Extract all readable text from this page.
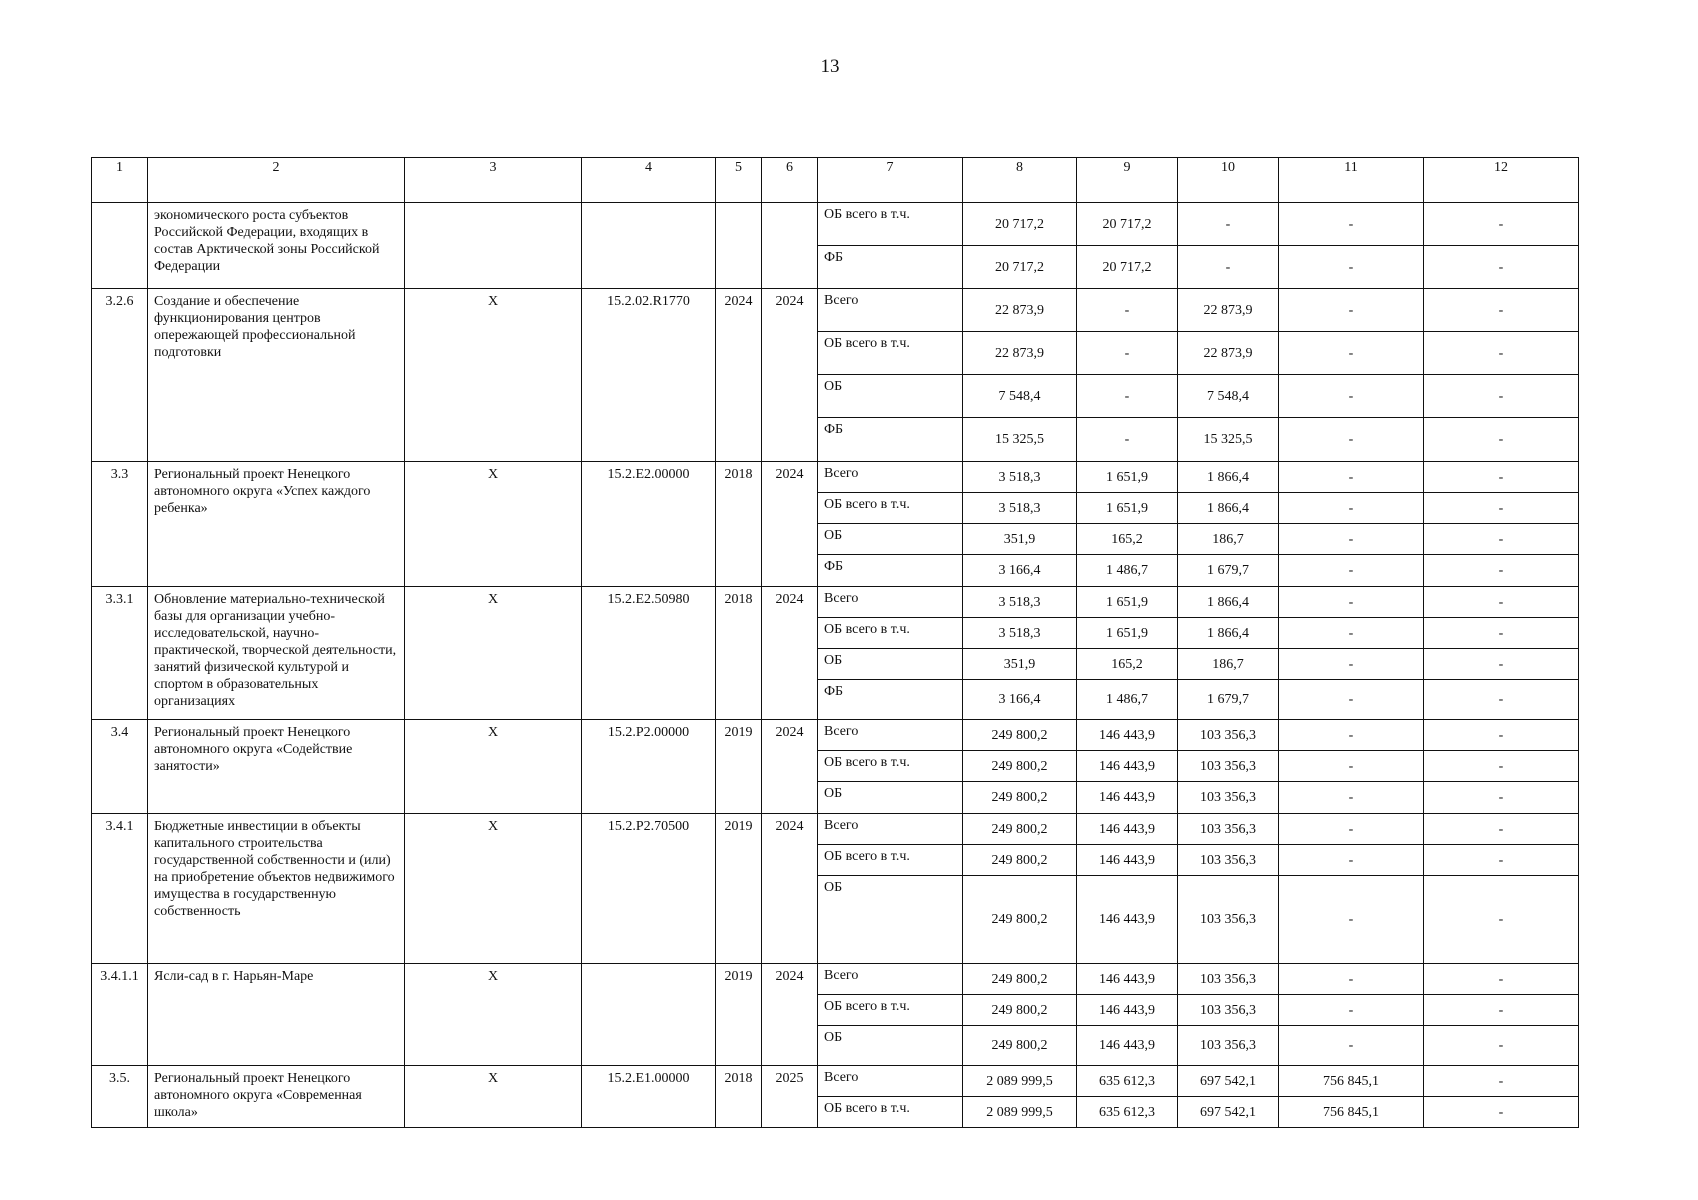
13
1	2	3	4	5	6	7	8	9	10	11	12
	экономического роста субъектов Российской Федерации, входящих в состав Арктической зоны Российской Федерации					ОБ всего в т.ч.	20 717,2	20 717,2	-	-	-
						ФБ	20 717,2	20 717,2	-	-	-
3.2.6	Создание и обеспечение функционирования центров опережающей профессиональной подготовки	X	15.2.02.R1770	2024	2024	Всего	22 873,9	-	22 873,9	-	-
						ОБ всего в т.ч.	22 873,9	-	22 873,9	-	-
						ОБ	7 548,4	-	7 548,4	-	-
						ФБ	15 325,5	-	15 325,5	-	-
3.3	Региональный проект Ненецкого автономного округа «Успех каждого ребенка»	X	15.2.E2.00000	2018	2024	Всего	3 518,3	1 651,9	1 866,4	-	-
						ОБ всего в т.ч.	3 518,3	1 651,9	1 866,4	-	-
						ОБ	351,9	165,2	186,7	-	-
						ФБ	3 166,4	1 486,7	1 679,7	-	-
3.3.1	Обновление материально-технической базы для организации учебно-исследовательской, научно-практической, творческой деятельности, занятий физической культурой и спортом в образовательных организациях	X	15.2.E2.50980	2018	2024	Всего	3 518,3	1 651,9	1 866,4	-	-
						ОБ всего в т.ч.	3 518,3	1 651,9	1 866,4	-	-
						ОБ	351,9	165,2	186,7	-	-
						ФБ	3 166,4	1 486,7	1 679,7	-	-
3.4	Региональный проект Ненецкого автономного округа «Содействие занятости»	X	15.2.P2.00000	2019	2024	Всего	249 800,2	146 443,9	103 356,3	-	-
						ОБ всего в т.ч.	249 800,2	146 443,9	103 356,3	-	-
						ОБ	249 800,2	146 443,9	103 356,3	-	-
3.4.1	Бюджетные инвестиции в объекты капитального строительства государственной собственности и (или) на приобретение объектов недвижимого имущества в государственную собственность	X	15.2.P2.70500	2019	2024	Всего	249 800,2	146 443,9	103 356,3	-	-
						ОБ всего в т.ч.	249 800,2	146 443,9	103 356,3	-	-
						ОБ	249 800,2	146 443,9	103 356,3	-	-
3.4.1.1	Ясли-сад в г. Нарьян-Маре	X		2019	2024	Всего	249 800,2	146 443,9	103 356,3	-	-
						ОБ всего в т.ч.	249 800,2	146 443,9	103 356,3	-	-
						ОБ	249 800,2	146 443,9	103 356,3	-	-
3.5.	Региональный проект Ненецкого автономного округа «Современная школа»	X	15.2.E1.00000	2018	2025	Всего	2 089 999,5	635 612,3	697 542,1	756 845,1	-
						ОБ всего в т.ч.	2 089 999,5	635 612,3	697 542,1	756 845,1	-
